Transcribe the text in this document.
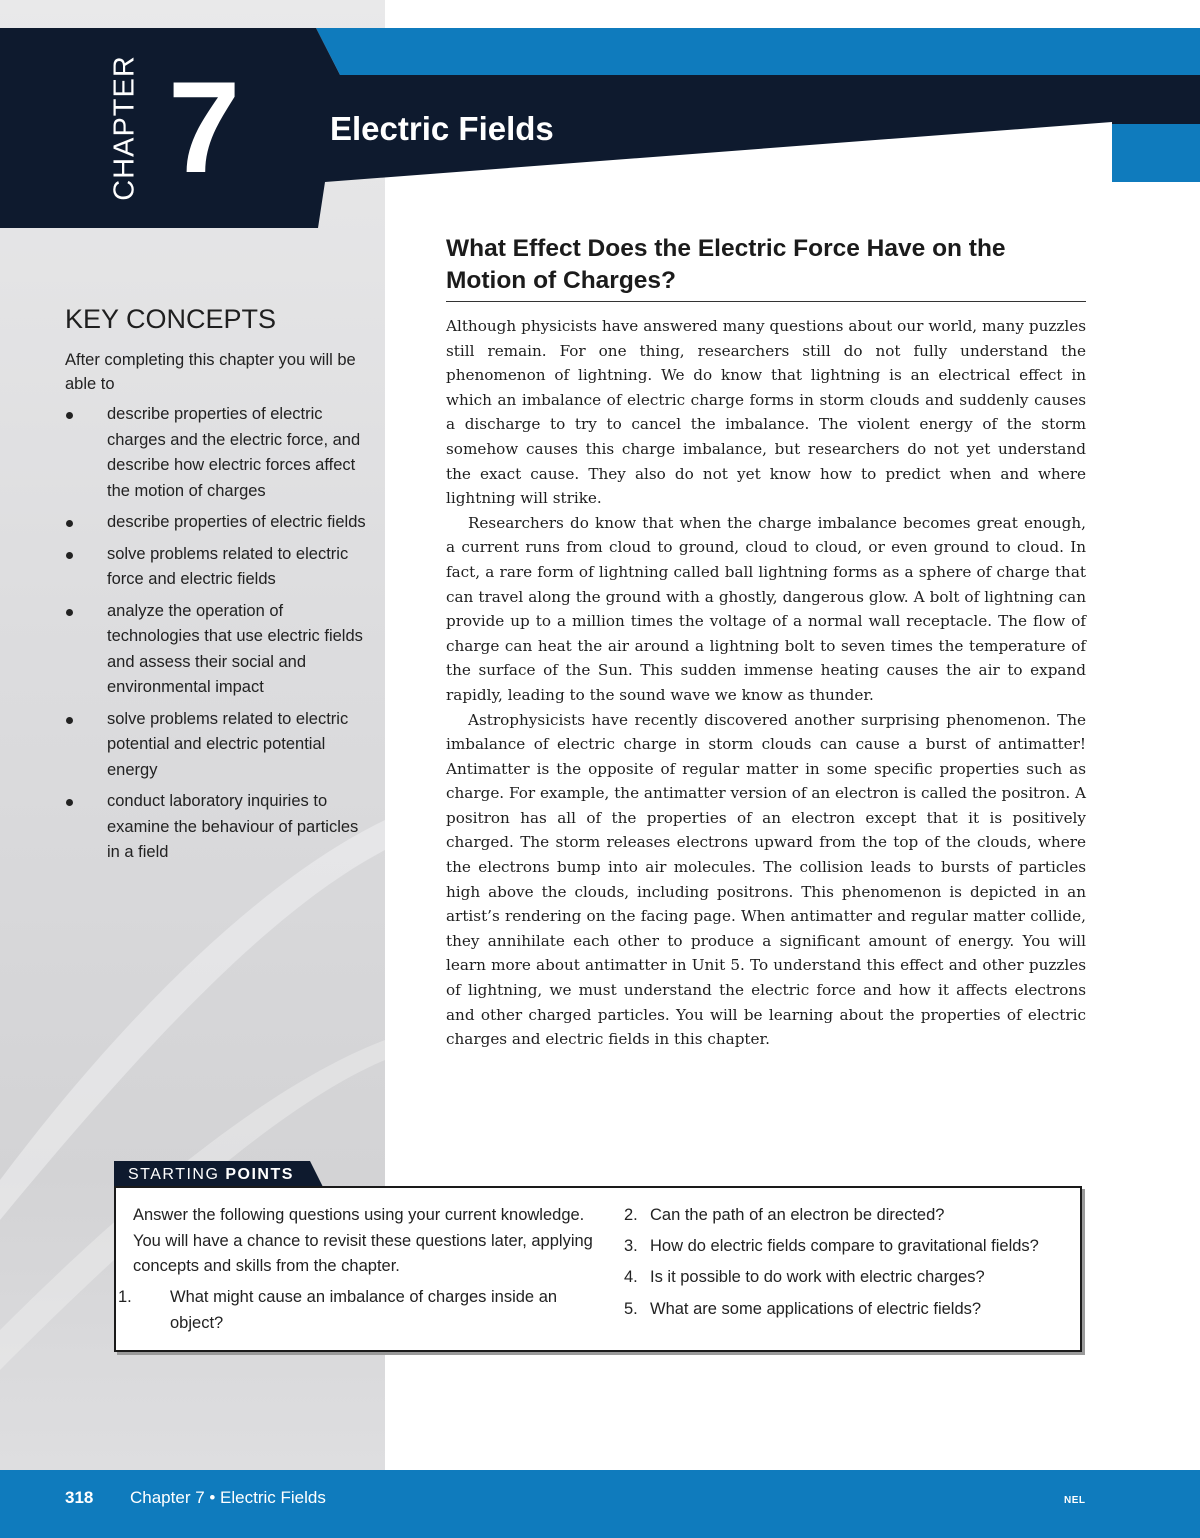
CHAPTER 7	Electric Fields
KEY CONCEPTS
After completing this chapter you will be able to
describe properties of electric charges and the electric force, and describe how electric forces affect the motion of charges
describe properties of electric fields
solve problems related to electric force and electric fields
analyze the operation of technologies that use electric fields and assess their social and environmental impact
solve problems related to electric potential and electric potential energy
conduct laboratory inquiries to examine the behaviour of particles in a field
What Effect Does the Electric Force Have on the Motion of Charges?

Although physicists have answered many questions about our world, many puzzles still remain. For one thing, researchers still do not fully understand the phenomenon of lightning. We do know that lightning is an electrical effect in which an imbalance of electric charge forms in storm clouds and suddenly causes a discharge to try to cancel the imbalance. The violent energy of the storm somehow causes this charge imbalance, but researchers do not yet understand the exact cause. They also do not yet know how to predict when and where lightning will strike.

Researchers do know that when the charge imbalance becomes great enough, a current runs from cloud to ground, cloud to cloud, or even ground to cloud. In fact, a rare form of lightning called ball lightning forms as a sphere of charge that can travel along the ground with a ghostly, dangerous glow. A bolt of lightning can provide up to a million times the voltage of a normal wall receptacle. The flow of charge can heat the air around a lightning bolt to seven times the temperature of the surface of the Sun. This sudden immense heating causes the air to expand rapidly, leading to the sound wave we know as thunder.

Astrophysicists have recently discovered another surprising phenomenon. The imbalance of electric charge in storm clouds can cause a burst of antimatter! Antimatter is the opposite of regular matter in some specific properties such as charge. For example, the antimatter version of an electron is called the positron. A positron has all of the properties of an electron except that it is positively charged. The storm releases electrons upward from the top of the clouds, where the electrons bump into air molecules. The collision leads to bursts of particles high above the clouds, including positrons. This phenomenon is depicted in an artist’s rendering on the facing page. When antimatter and regular matter collide, they annihilate each other to produce a significant amount of energy. You will learn more about antimatter in Unit 5. To understand this effect and other puzzles of lightning, we must understand the electric force and how it affects electrons and other charged particles. You will be learning about the properties of electric charges and electric fields in this chapter.

STARTING POINTS
Answer the following questions using your current knowledge. You will have a chance to revisit these questions later, applying concepts and skills from the chapter.
1. What might cause an imbalance of charges inside an object?
2. Can the path of an electron be directed?
3. How do electric fields compare to gravitational fields?
4. Is it possible to do work with electric charges?
5. What are some applications of electric fields?
318 Chapter 7 • Electric Fields	NEL
